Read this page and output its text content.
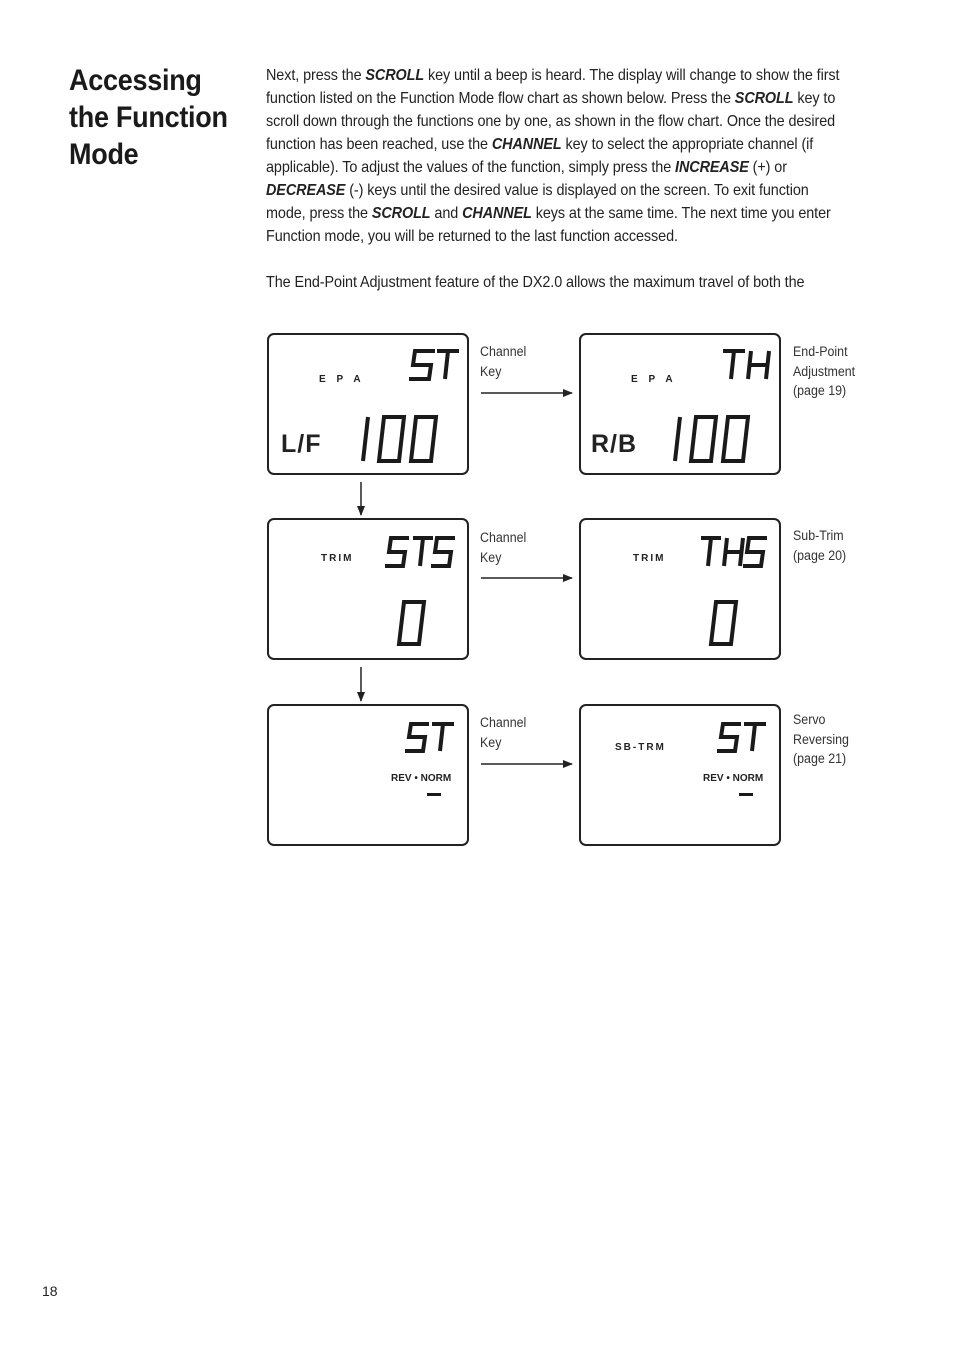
Accessing
the Function
Mode

Next, press the SCROLL key until a beep is heard. The display will change to show the first function listed on the Function Mode flow chart as shown below. Press the SCROLL key to scroll down through the functions one by one, as shown in the flow chart. Once the desired function has been reached, use the CHANNEL key to select the appropriate channel (if applicable). To adjust the values of the function, simply press the INCREASE (+) or DECREASE (-) keys until the desired value is displayed on the screen. To exit function mode, press the SCROLL and CHANNEL keys at the same time. The next time you enter Function mode, you will be returned to the last function accessed.

The End-Point Adjustment feature of the DX2.0 allows the maximum travel of both the

E P A
L/F
E P A
R/B
TRIM	TRIM
REV • NORM
SB-TRM
REV • NORM
Channel
Key
Channel
Key
Channel
Key
End-Point
Adjustment
(page 19)
Sub-Trim
(page 20)
Servo
Reversing
(page 21)
18
